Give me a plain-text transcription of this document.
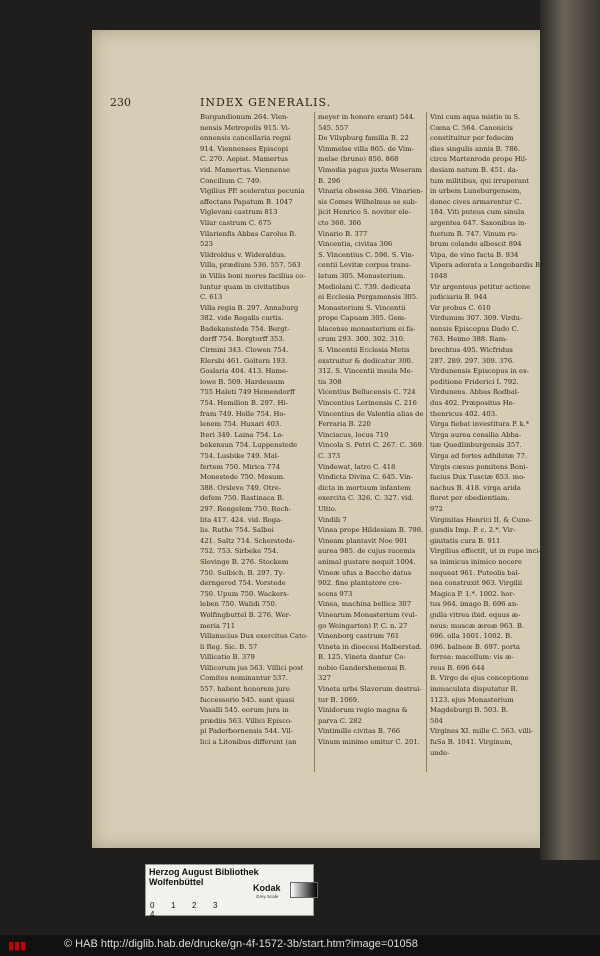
230	INDEX GENERALIS.
Burgundionum 264. Vien-
nensis Metropolis 915. Vi-
ennensis cancellaria regni
914. Viennenses Episcopi
C. 270. Aepist. Mamertus
vid. Mamertus. Viennense
Concilium C. 749.
Vigilius PP. sceleratus pecunia
affectans Papatum B. 1047
Viglevani castrum 813
Vilar castrum C. 675
Vilarienfis Abbas Carolus B.
523
Vildroldus v. Wideraldus.
Villa, prædium 536. 557. 563
in Villis boni mores facilius co-
luntur quam in civitatibus
C. 613
Villa regia B. 297. Annaburg
382. vide Regalis curtis.
Badekanstede 754. Bergt-
dorff 754. Borgtorff 353.
Cirmini 343. Clowen 754.
Elersbi 461. Goltern 193.
Goslaria 404. 413. Hame-
lowe B. 509. Hardessum
755 Haleti 749 Hemendorff
754. Hemilion B. 297. Hi-
fram 749. Holle 754. Ho-
lenem 754. Huxari 403.
Iteri 349. Laina 754. Lo-
bekensun 754. Luppenstede
754. Lusbike 749. Mal-
fertem 750. Mirica 774
Monestede 750. Mosum.
388. Orslevo 749. Otre-
defem 750. Rastinaca B.
297. Rengelem 750. Roch-
lita 417. 424. vid. Roga-
lis. Ruthe 754. Salboi
421. Saltz 714. Scherstede-
752. 753. Sirbeke 754.
Slevinge B. 276. Stockem
750. Sulbich. B. 297. Ty-
derngerod 754. Vorstede
750. Upum 750. Wackers-
leben 750. Walidi 750.
Wolfingbuttel B. 276. Wer-
meria 711
Villanucius Dux exercitus Cato-
li Reg. Sic. B. 57
Villicatio B. 379
Villicorum jus 563. Villici post
Comites nominantur 537.
557. habent honorem jure
fuccessorio 545. sunt quasi
Vasalli 545. eorum jura in
prædiis 563. Villici Episco-
pi Paderbornensis 544. Vil-
lici a Litonibus differunt (an
meyer in honore erant) 544.
545. 557
De Vilspburg familia B. 22
Vimmelse villa 865. de Vim-
melse (bruno) 856. 868
Vimodia pagus juxta Weseram
B. 296
Vinaria obsessa 366. Vinarien-
sis Comes Wilhelmus se sub-
jicit Henrico S. noviter ele-
cto 368. 366
Vinario B. 377
Vincentia, civitas 306
S. Vincentius C. 596. S. Vin-
centii Levitæ corpus trans-
latum 305. Monasterium.
Mediolani C. 739. dedicata
ei Ecclesia Pergamensis 305.
Monasterium S. Vincentii
prope Capuam 305. Gem-
blacense monasterium ei fa-
crum 293. 300. 302. 310.
S. Vincentii Ecclesia Metis
exstruitur & dedicatur 300.
312. S. Vincentii insula Me-
tis 308
Vicentius Bellucensis C. 724
Vincentius Lerinensis C. 216
Vincentius de Valentia alias de
Ferraria B. 220
Vinciacus, locus 710
Vincola S. Petri C. 267. C. 369.
C. 373
Vindewat, latro C. 418
Vindicta Divina C. 645. Vin-
dicta in mortuum infantem
exercita C. 326. C. 327. vid.
Ultio.
Vindili 7
Vinea prope Hildesiam B. 798.
Vineam plantavit Noe 901
aurea 985. de cujus racemis
animal gustare nequit 1004.
Vineæ ufus a Baccho datus
902. fine plantatore cre-
scens 973
Vinea, machina bellica 307
Vinearum Monasterium (vul-
go Weingarten) P. C. n. 27
Vinenborg castrum 761
Vineta in dioecesi Halberstad.
B. 125. Vineta dantur Co-
nobio Gandershemensi B.
327
Vineta urbs Slavorum destrui-
tur B. 1069.
Vinidorum regio magna &
parva C. 282
Vintimille civitas B. 766
Vinum minimo emitur C. 201.
Vini cum aqua mistio in S.
Cœna C. 564. Canonicis
constituitur per fedecim
dies singulis annis B. 786.
circa Martenrode prope Hil-
desiam natum B. 451. da-
tum militibus, qui irruperant
in urbem Luneburgensem,
donec cives armarentur C.
184. Viti puteus cum sinula
argentea 647. Saxonibus in-
fuetum B. 747. Vinum ru-
brum colando albescit 894
Vipa, de vino facta B. 934
Vipera adorata a Longobardis B.
1048
Vir argenteus petitur actione
judiciaria B. 944
Vir probus C. 610
Virdunum 307. 309. Virdu-
nensis Episcopus Dado C.
763. Heimo 388. Ram-
brechtus 495. Wicfridus
287. 289. 297. 309. 376.
Virdunensis Episcopus in ex-
peditione Friderici I. 792.
Virdunens. Abbas Rodbal-
dus 402. Præpositus He-
thenricus 402. 403.
Virga fiebat investitura P. k.*
Virga aurea consilia Abba-
tiæ Quedlinburgensis 357.
Virga ad fortes adhibitæ 77.
Virgis cæsus pomitens Boni-
facius Dux Tusciæ 653. mo-
nachus B. 418. virga arida
floret per obedientiam.
972
Virginitas Henrici II. & Cune-
gundis Imp. P. c. 2.*. Vir-
ginitatis cura B. 911
Virgilius effectit, ut in rupe inci-
sa inimicus inimico nocere
nequeat 961. Puteolis bal-
nea construxit 963. Virgilii
Magica P. 1.*. 1002. hor-
tus 964. imago B. 696 an-
gulla vitrea ibid. equus æ-
neus: muscæ æreæ 963. B.
696. olla 1001. 1002. B.
696. balneæ B. 697. porta
ferrea: macellum: vis æ-
reus B. 696 644
B. Virgo de ejus conceptione
immaculata disputatur B.
1123. ejus Monasterium
Magdeburgi B. 503. B.
504
Virgines XI. mille C. 563. villi-
fuSa B. 1041. Virginum,
unde-
Herzog August Bibliothek Wolfenbüttel
Kodak
Grey Scale
0 1 2 34
▮▮▮	© HAB http://diglib.hab.de/drucke/gn-4f-1572-3b/start.htm?image=01058
